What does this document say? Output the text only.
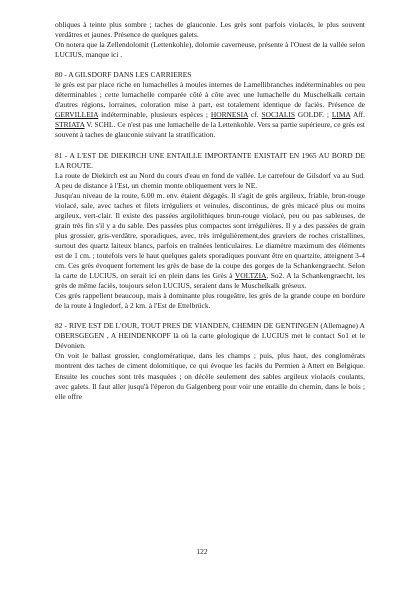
obliques à teinte plus sombre ; taches de glauconie. Les grès sont parfois violacés, le plus souvent verdâtres et jaunes. Présence de quelques galets.

On notera que la Zellendolomit (Lettenkohle), dolomie caverneuse, présente à l'Ouest de la vallée selon LUCIUS, manque ici .

80 - A GILSDORF DANS LES CARRIERES

le grès est par place riche en lumachelles à moules internes de Lamellibranches indéterminables ou peu déterminables ; cette lumachelle comparée côté à côte avec une lumachelle du Muschelkalk certain d'autres régions, lorraines, coloration mise à part, est totalement identique de faciès. Présence de GERVILLEIA indéterminable, plusieurs espèces ; HORNESIA cf. SOCIALIS GOLDF. ; LIMA Aff. STRIATA V. SCHL. Ce n'est pas une lumachelle de la Lettenkohle. Vers sa partie supérieure, ce grès est souvent à taches de glauconie suivant la stratification.

81 - A L'EST DE DIEKIRCH UNE ENTAILLE IMPORTANTE EXISTAIT EN 1965 AU BORD DE LA ROUTE.

La route de Diekirch est au Nord du cours d'eau en fond de vallée. Le carrefour de Gilsdorf va au Sud. A peu de distance à l'Est, un chemin monte obliquement vers le NE.

Jusqu'au niveau de la route, 6.00 m. env. étaient dégagés. Il s'agit de grès argileux, friable, brun-rouge violacé, sale, avec taches et filets irréguliers et veinules, discontinus, de grès micacé plus ou moins argileux, vert-clair. Il existe des passées argilolithiques brun-rouge violacé, peu ou pas sableuses, de grain très fin s'il y a du sable. Des passées plus compactes sont irrégulières. Il y a des passées de grain plus grossier, gris-verdâtre, sporadiques, avec, très irrégulièrement,des graviers de roches cristallines, surtout des quartz laiteux blancs, parfois en traînées lenticulaires. Le diamètre maximum des éléments est de 1 cm. ; toutefois vers le haut quelques galets sporadiques pouvant être en quartzite, atteignent 3-4 cm. Ces grès évoquent fortement les grès de base de la coupe des gorges de la Schankengraecht. Selon la carte de LUCIUS, on serait ici en plein dans les Grès à VOLTZIA, So2. A la Schankengraecht, les grès de même faciès, toujours selon LUCIUS, seraient dans le Muschelkalk gréseux.

Ces grès rappellent beaucoup, mais à dominante plus rougeâtre, les grès de la grande coupe en bordure de la route à Ingledorf, à 2 km. à l'Est de Ettelbrück.

82 - RIVE EST DE L'OUR, TOUT PRES DE VIANDEN, CHEMIN DE GENTINGEN (Allemagne) A OBERSGEGEN , A HEINDENKOPF là où la carte géologique de LUCIUS met le contact So1 et le Dévonien.

On voit le ballast grossier, conglomératique, dans les champs ; puis, plus haut, des conglomérats montrent des taches de ciment dolomitique, ce qui évoque les faciès du Permien à Attert en Belgique. Ensuite les couches sont très masquées ; on décèle seulement des sables argileux violacés coulants, avec galets. Il faut aller jusqu'à l'éperon du Galgenberg pour voir une entaille du chemin, dans le bois ; elle offre

122
